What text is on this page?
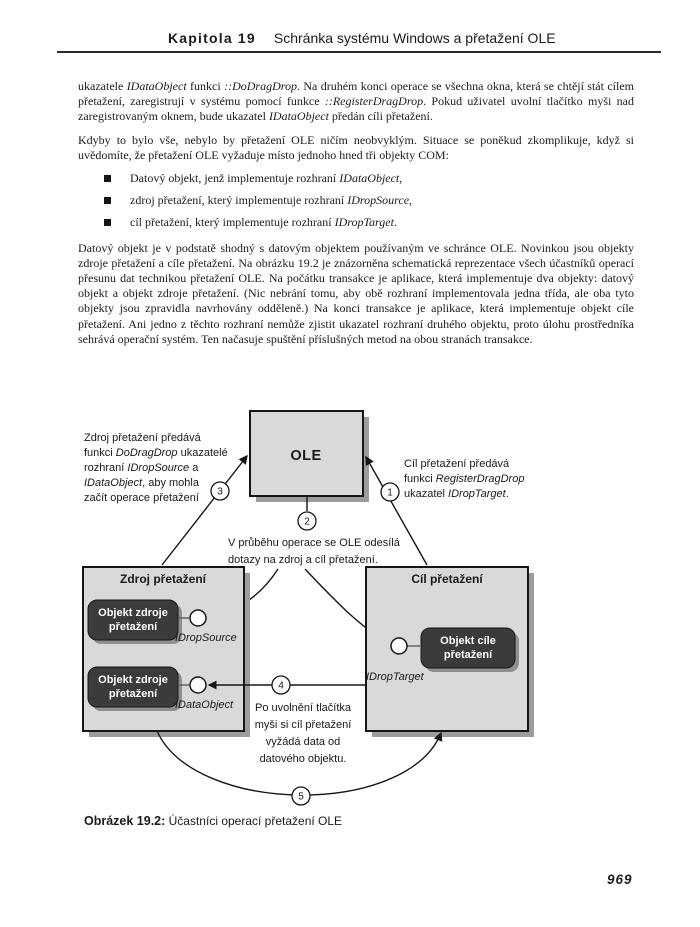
Kapitola 19 Schránka systému Windows a přetažení OLE

ukazatele IDataObject funkci ::DoDragDrop. Na druhém konci operace se všechna okna, která se chtějí stát cílem přetažení, zaregistrují v systému pomocí funkce ::RegisterDragDrop. Pokud uživatel uvolní tlačítko myši nad zaregistrovaným oknem, bude ukazatel IDataObject předán cíli přetažení.

Kdyby to bylo vše, nebylo by přetažení OLE ničím neobvyklým. Situace se poněkud zkomplikuje, když si uvědomíte, že přetažení OLE vyžaduje místo jednoho hned tři objekty COM:

Datový objekt, jenž implementuje rozhraní IDataObject,
zdroj přetažení, který implementuje rozhraní IDropSource,
cíl přetažení, který implementuje rozhraní IDropTarget.

Datový objekt je v podstatě shodný s datovým objektem používaným ve schránce OLE. Novinkou jsou objekty zdroje přetažení a cíle přetažení. Na obrázku 19.2 je znázorněna schematická reprezentace všech účastníků operací přesunu dat technikou přetažení OLE. Na počátku transakce je aplikace, která implementuje dva objekty: datový objekt a objekt zdroje přetažení. (Nic nebrání tomu, aby obě rozhraní implementovala jedna třída, ale oba tyto objekty jsou zpravidla navrhovány odděleně.) Na konci transakce je aplikace, která implementuje objekt cíle přetažení. Ani jedno z těchto rozhraní nemůže zjistit ukazatel rozhraní druhého objektu, proto úlohu prostředníka sehrává operační systém. Ten načasuje spuštění příslušných metod na obou stranách transakce.

OLE
Zdroj přetažení předává
funkci DoDragDrop ukazatelé
rozhraní IDropSource a
IDataObject, aby mohla
začít operace přetažení
Cíl přetažení předává
funkci RegisterDragDrop
ukazatel IDropTarget.
3	1
2
V průběhu operace se OLE odesílá
dotazy na zdroj a cíl přetažení.
Zdroj přetažení
Objekt zdroje
přetažení
IDropSource
Objekt zdroje
přetažení
IDataObject
Cíl přetažení
Objekt cíle
přetažení
IDropTarget
4
Po uvolnění tlačítka
myši si cíl přetažení
vyžádá data od
datového objektu.
5
Obrázek 19.2: Účastníci operací přetažení OLE
969
